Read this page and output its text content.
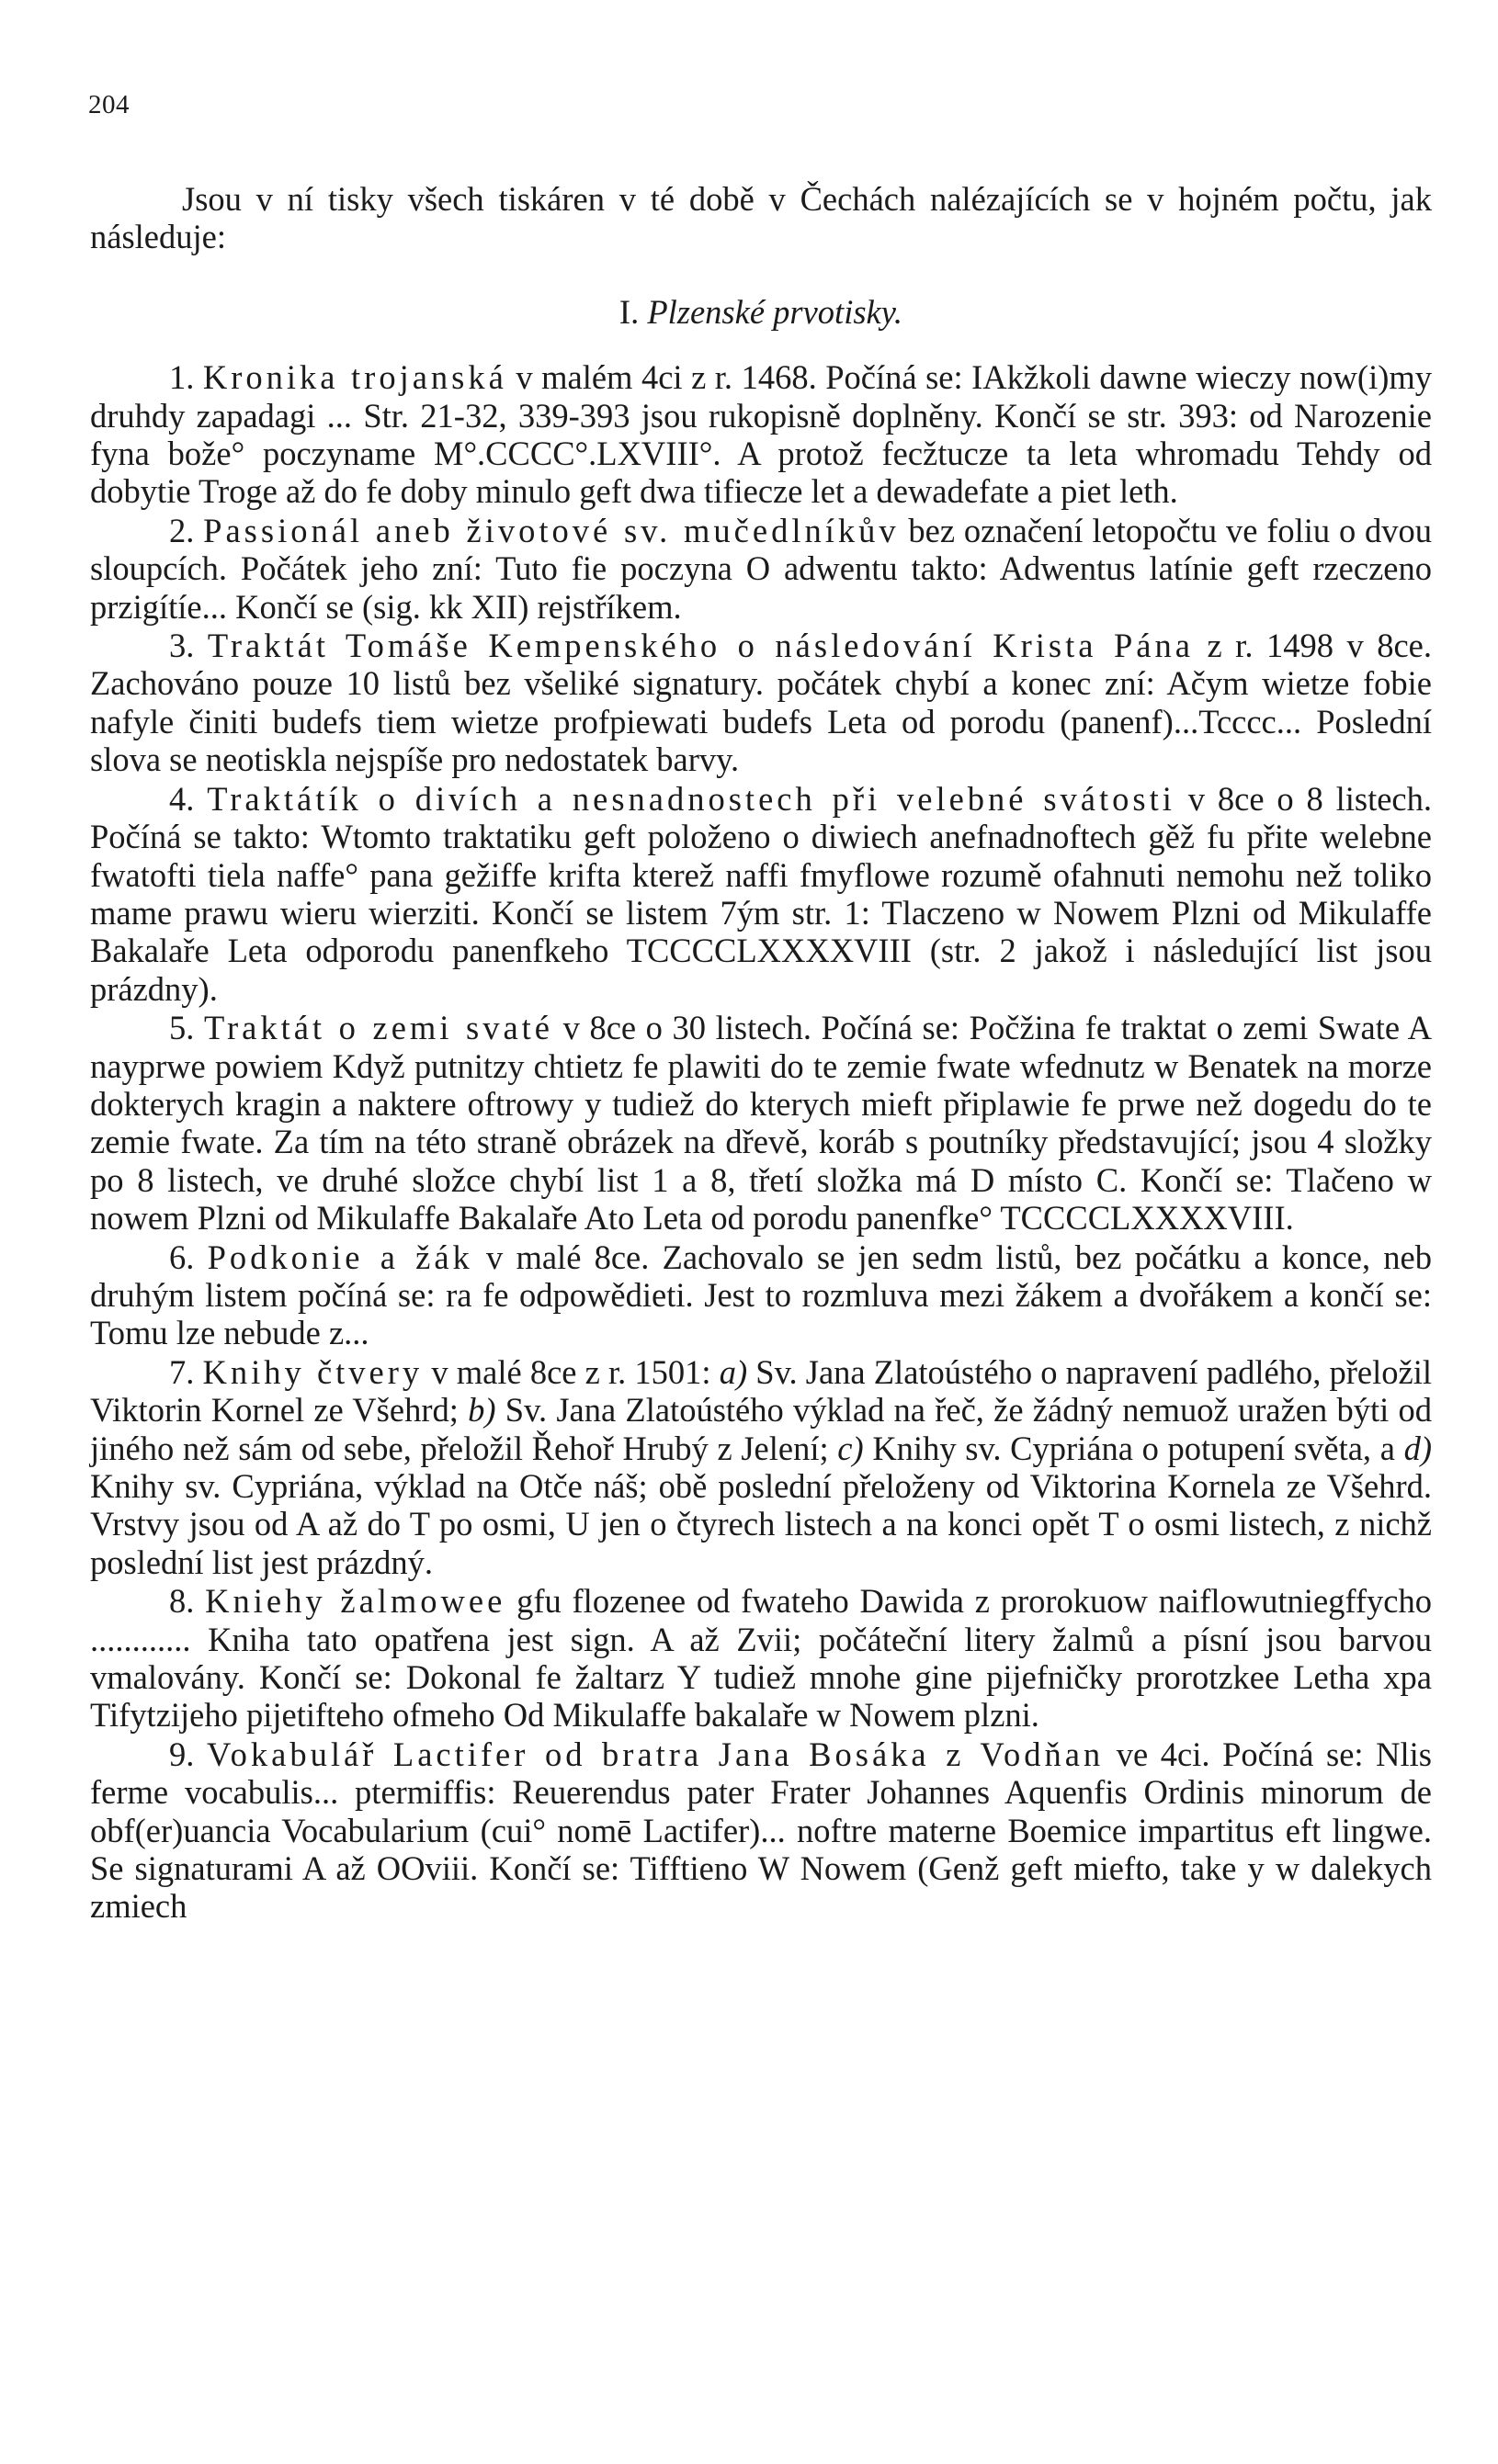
204

Jsou v ní tisky všech tiskáren v té době v Čechách nalézajících se v hojném počtu, jak následuje:

I. Plzenské prvotisky.

1. Kronika trojanská v malém 4ci z r. 1468. Počíná se: IAkžkoli dawne wieczy now(i)my druhdy zapadagi ... Str. 21-32, 339-393 jsou rukopisně doplněny. Končí se str. 393: od Narozenie fyna bože° poczyname M°.CCCC°.LXVIII°. A protož fecžtucze ta leta whromadu Tehdy od dobytie Troge až do fe doby minulo geft dwa tifiecze let a dewadefate a piet leth.

2. Passionál aneb životové sv. mučedlníkův bez označení letopočtu ve foliu o dvou sloupcích. Počátek jeho zní: Tuto fie poczyna O adwentu takto: Adwentus latínie geft rzeczeno przigítíe... Končí se (sig. kk XII) rejstříkem.

3. Traktát Tomáše Kempenského o následování Krista Pána z r. 1498 v 8ce. Zachováno pouze 10 listů bez všeliké signatury. počátek chybí a konec zní: Ačym wietze fobie nafyle činiti budefs tiem wietze profpiewati budefs Leta od porodu (panenf)...Tcccc... Poslední slova se neotiskla nejspíše pro nedostatek barvy.

4. Traktátík o divích a nesnadnostech při velebné svátosti v 8ce o 8 listech. Počíná se takto: Wtomto traktatiku geft položeno o diwiech anefnadnoftech gěž fu přite welebne fwatofti tiela naffe° pana gežiffe krifta kterež naffi fmyflowe rozumě ofahnuti nemohu než toliko mame prawu wieru wierziti. Končí se listem 7ým str. 1: Tlaczeno w Nowem Plzni od Mikulaffe Bakalaře Leta odporodu panenfkeho TCCCCLXXXXVIII (str. 2 jakož i následující list jsou prázdny).

5. Traktát o zemi svaté v 8ce o 30 listech. Počíná se: Počžina fe traktat o zemi Swate A nayprwe powiem Když putnitzy chtietz fe plawiti do te zemie fwate wfednutz w Benatek na morze dokterych kragin a naktere oftrowy y tudiež do kterych mieft připlawie fe prwe než dogedu do te zemie fwate. Za tím na této straně obrázek na dřevě, koráb s poutníky představující; jsou 4 složky po 8 listech, ve druhé složce chybí list 1 a 8, třetí složka má D místo C. Končí se: Tlačeno w nowem Plzni od Mikulaffe Bakalaře Ato Leta od porodu panenfke° TCCCCLXXXXVIII.

6. Podkonie a žák v malé 8ce. Zachovalo se jen sedm listů, bez počátku a konce, neb druhým listem počíná se: ra fe odpowědieti. Jest to rozmluva mezi žákem a dvořákem a končí se: Tomu lze nebude z...

7. Knihy čtvery v malé 8ce z r. 1501: a) Sv. Jana Zlatoústého o napravení padlého, přeložil Viktorin Kornel ze Všehrd; b) Sv. Jana Zlatoústého výklad na řeč, že žádný nemuož uražen býti od jiného než sám od sebe, přeložil Řehoř Hrubý z Jelení; c) Knihy sv. Cypriána o potupení světa, a d) Knihy sv. Cypriána, výklad na Otče náš; obě poslední přeloženy od Viktorina Kornela ze Všehrd. Vrstvy jsou od A až do T po osmi, U jen o čtyrech listech a na konci opět T o osmi listech, z nichž poslední list jest prázdný.

8. Kniehy žalmowee gfu flozenee od fwateho Dawida z prorokuow naiflowutniegffycho ............ Kniha tato opatřena jest sign. A až Zvii; počáteční litery žalmů a písní jsou barvou vmalovány. Končí se: Dokonal fe žaltarz Y tudiež mnohe gine pijefničky prorotzkee Letha xpa Tifytzijeho pijetifteho ofmeho Od Mikulaffe bakalaře w Nowem plzni.

9. Vokabulář Lactifer od bratra Jana Bosáka z Vodňan ve 4ci. Počíná se: Nlis ferme vocabulis... ptermiffis: Reuerendus pater Frater Johannes Aquenfis Ordinis minorum de obf(er)uancia Vocabularium (cui° nomē Lactifer)... noftre materne Boemice impartitus eft lingwe. Se signaturami A až OOviii. Končí se: Tifftieno W Nowem (Genž geft miefto, take y w dalekych zmiech
